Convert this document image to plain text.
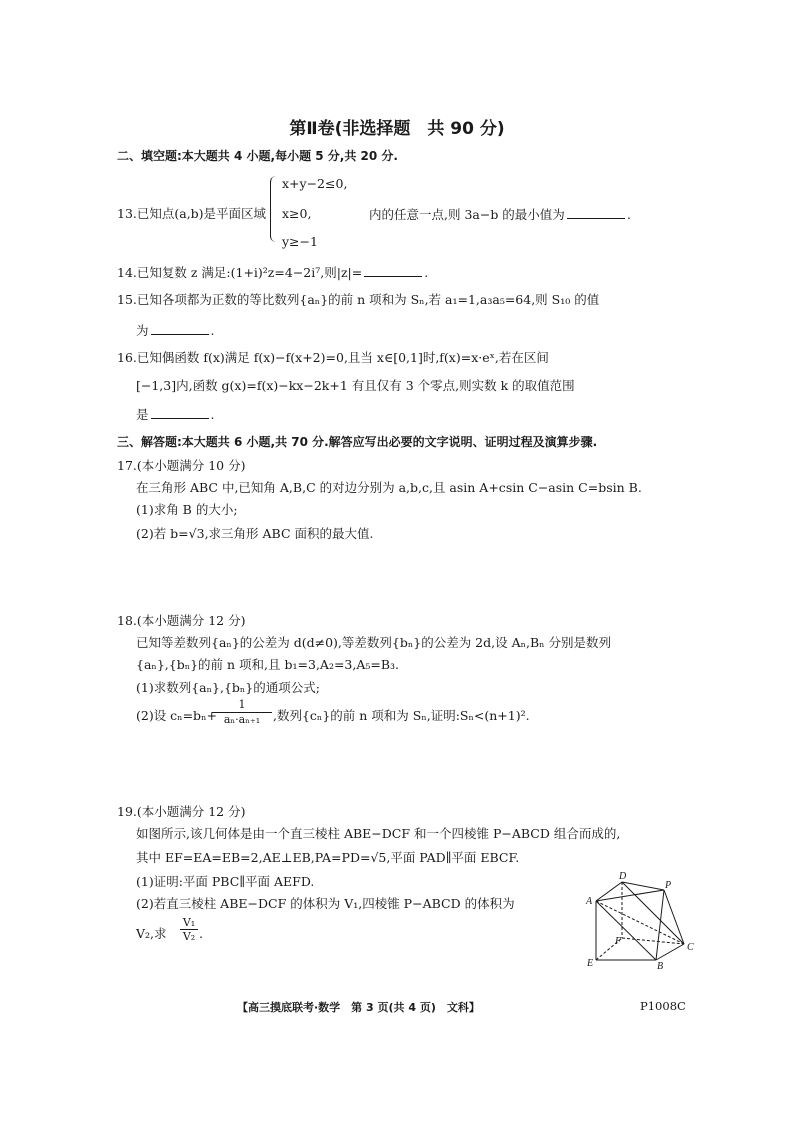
第Ⅱ卷(非选择题　共 90 分)
二、填空题:本大题共 4 小题,每小题 5 分,共 20 分.
x+y−2≤0,
13.已知点(a,b)是平面区域 x≥0,	内的任意一点,则 3a−b 的最小值为	.
y≥−1
14.已知复数 z 满足:(1+i)²z=4−2i⁷,则|z|=	.
15.已知各项都为正数的等比数列{aₙ}的前 n 项和为 Sₙ,若 a₁=1,a₃a₅=64,则 S₁₀ 的值
为	.
16.已知偶函数 f(x)满足 f(x)−f(x+2)=0,且当 x∈[0,1]时,f(x)=x·eˣ,若在区间
[−1,3]内,函数 g(x)=f(x)−kx−2k+1 有且仅有 3 个零点,则实数 k 的取值范围
是	.
三、解答题:本大题共 6 小题,共 70 分.解答应写出必要的文字说明、证明过程及演算步骤.
17.(本小题满分 10 分)
在三角形 ABC 中,已知角 A,B,C 的对边分别为 a,b,c,且 asin A+csin C−asin C=bsin B.
(1)求角 B 的大小;
(2)若 b=√3,求三角形 ABC 面积的最大值.
18.(本小题满分 12 分)
已知等差数列{aₙ}的公差为 d(d≠0),等差数列{bₙ}的公差为 2d,设 Aₙ,Bₙ 分别是数列
{aₙ},{bₙ}的前 n 项和,且 b₁=3,A₂=3,A₅=B₃.
(1)求数列{aₙ},{bₙ}的通项公式;
(2)设 cₙ=bₙ+
$\frac{1}{\text{aₙ·aₙ₊₁}}$ ,数列{cₙ}的前 n 项和为 Sₙ,证明:Sₙ<(n+1)².
19.(本小题满分 12 分)
如图所示,该几何体是由一个直三棱柱 ABE−DCF 和一个四棱锥 P−ABCD 组合而成的,
其中 EF=EA=EB=2,AE⊥EB,PA=PD=√5,平面 PAD∥平面 EBCF.
(1)证明:平面 PBC∥平面 AEFD.
(2)若直三棱柱 ABE−DCF 的体积为 V₁,四棱锥 P−ABCD 的体积为
V₂,求 $\frac{\text{V₁}}{\text{V₂}}$ .
D
P
A
F
C
E	B
【高三摸底联考·数学　第 3 页(共 4 页)　文科】	P1008C
